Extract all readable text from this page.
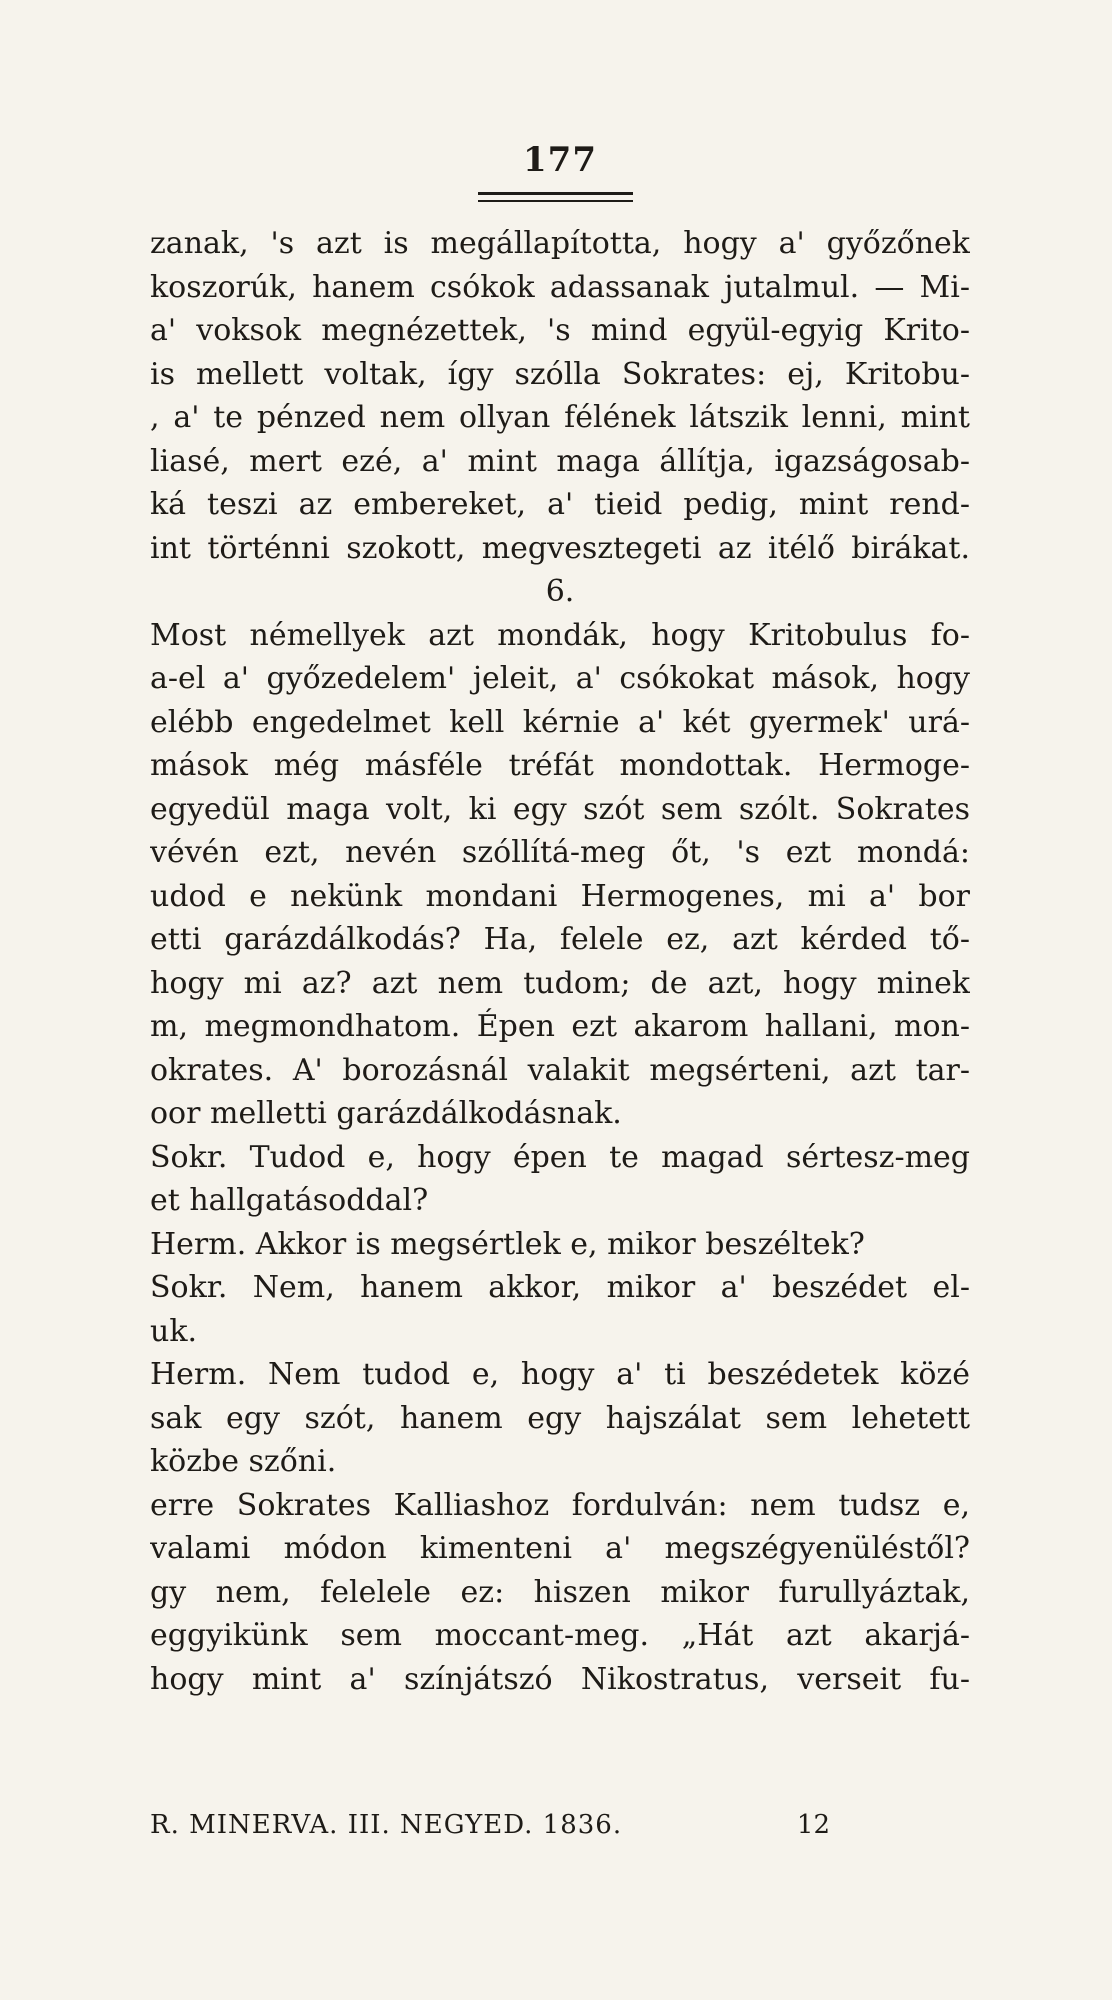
177
zanak, 's azt is megállapította, hogy a' győzőnek
koszorúk, hanem csókok adassanak jutalmul. — Mi-
a' voksok megnézettek, 's mind együl-egyig Krito-
is mellett voltak, így szólla Sokrates: ej, Kritobu-
, a' te pénzed nem ollyan félének látszik lenni, mint
liasé, mert ezé, a' mint maga állítja, igazságosab-
ká teszi az embereket, a' tieid pedig, mint rend-
int történni szokott, megvesztegeti az itélő birákat.
6.
Most némellyek azt mondák, hogy Kritobulus fo-
a-el a' győzedelem' jeleit, a' csókokat mások, hogy
elébb engedelmet kell kérnie a' két gyermek' urá-
mások még másféle tréfát mondottak. Hermoge-
egyedül maga volt, ki egy szót sem szólt. Sokrates
vévén ezt, nevén szóllítá-meg őt, 's ezt mondá:
udod e nekünk mondani Hermogenes, mi a' bor
etti garázdálkodás? Ha, felele ez, azt kérded tő-
hogy mi az? azt nem tudom; de azt, hogy minek
m, megmondhatom. Épen ezt akarom hallani, mon-
okrates. A' borozásnál valakit megsérteni, azt tar-
oor melletti garázdálkodásnak.
Sokr. Tudod e, hogy épen te magad sértesz-meg
et hallgatásoddal?
Herm. Akkor is megsértlek e, mikor beszéltek?
Sokr. Nem, hanem akkor, mikor a' beszédet el-
uk.
Herm. Nem tudod e, hogy a' ti beszédetek közé
sak egy szót, hanem egy hajszálat sem lehetett
közbe szőni.
erre Sokrates Kalliashoz fordulván: nem tudsz e,
valami módon kimenteni a' megszégyenüléstől?
gy nem, felelele ez: hiszen mikor furullyáztak,
eggyikünk sem moccant-meg. „Hát azt akarjá-
hogy mint a' színjátszó Nikostratus, verseit fu-
R. MINERVA. III. NEGYED. 1836.	12
